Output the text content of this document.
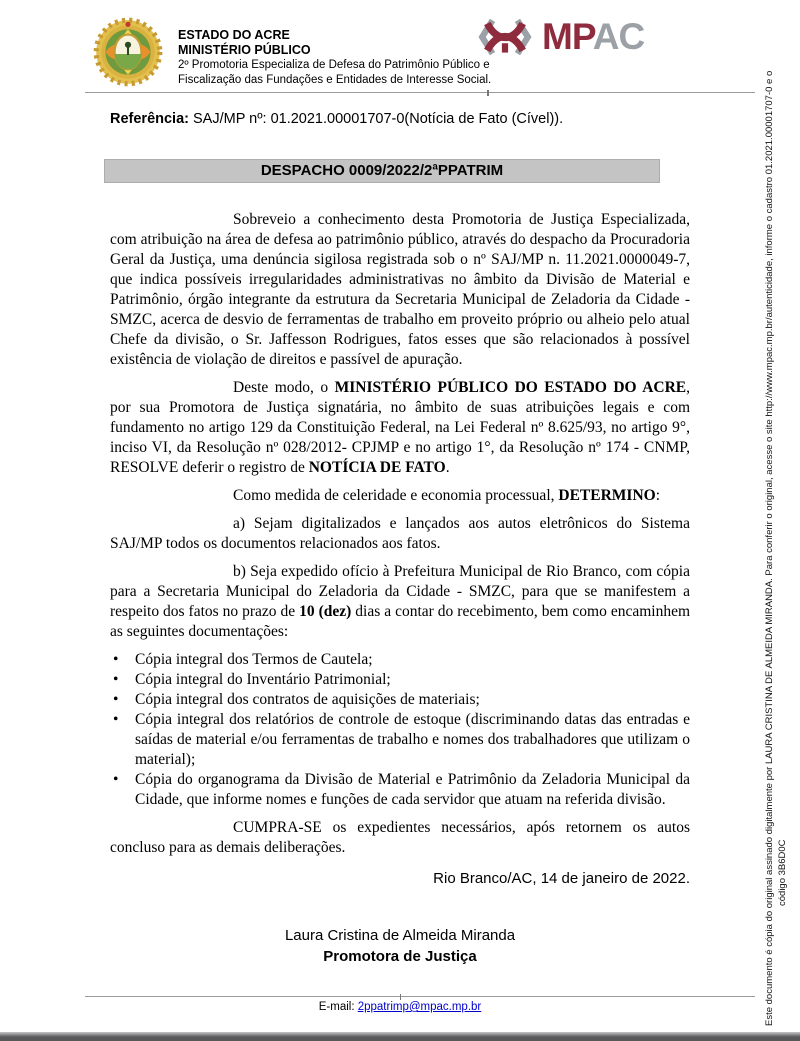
ESTADO DO ACRE
MINISTÉRIO PÚBLICO
2º Promotoria Especializa de Defesa do Patrimônio Público e
Fiscalização das Fundações e Entidades de Interesse Social.
MPAC
Referência: SAJ/MP nº: 01.2021.00001707-0(Notícia de Fato (Cível)).
DESPACHO 0009/2022/2ªPPATRIM

Sobreveio a conhecimento desta Promotoria de Justiça Especializada, com atribuição na área de defesa ao patrimônio público, através do despacho da Procuradoria Geral da Justiça, uma denúncia sigilosa registrada sob o nº SAJ/MP n. 11.2021.0000049-7, que indica possíveis irregularidades administrativas no âmbito da Divisão de Material e Patrimônio, órgão integrante da estrutura da Secretaria Municipal de Zeladoria da Cidade - SMZC, acerca de desvio de ferramentas de trabalho em proveito próprio ou alheio pelo atual Chefe da divisão, o Sr. Jaffesson Rodrigues, fatos esses que são relacionados à possível existência de violação de direitos e passível de apuração.

Deste modo, o MINISTÉRIO PÚBLICO DO ESTADO DO ACRE, por sua Promotora de Justiça signatária, no âmbito de suas atribuições legais e com fundamento no artigo 129 da Constituição Federal, na Lei Federal nº 8.625/93, no artigo 9°, inciso VI, da Resolução nº 028/2012- CPJMP e no artigo 1°, da Resolução nº 174 - CNMP, RESOLVE deferir o registro de NOTÍCIA DE FATO.

Como medida de celeridade e economia processual, DETERMINO:

a) Sejam digitalizados e lançados aos autos eletrônicos do Sistema SAJ/MP todos os documentos relacionados aos fatos.

b) Seja expedido ofício à Prefeitura Municipal de Rio Branco, com cópia para a Secretaria Municipal do Zeladoria da Cidade - SMZC, para que se manifestem a respeito dos fatos no prazo de 10 (dez) dias a contar do recebimento, bem como encaminhem as seguintes documentações:

• Cópia integral dos Termos de Cautela;
• Cópia integral do Inventário Patrimonial;
• Cópia integral dos contratos de aquisições de materiais;
• Cópia integral dos relatórios de controle de estoque (discriminando datas das entradas e saídas de material e/ou ferramentas de trabalho e nomes dos trabalhadores que utilizam o material);
• Cópia do organograma da Divisão de Material e Patrimônio da Zeladoria Municipal da Cidade, que informe nomes e funções de cada servidor que atuam na referida divisão.

CUMPRA-SE os expedientes necessários, após retornem os autos concluso para as demais deliberações.

Rio Branco/AC, 14 de janeiro de 2022.
Laura Cristina de Almeida Miranda
Promotora de Justiça
E-mail: 2ppatrimp@mpac.mp.br	Este documento é cópia do original assinado digitalmente por LAURA CRISTINA DE ALMEIDA MIRANDA. Para conferir o original, acesse o site http://www.mpac.mp.br/autenticidade, informe o cadastro 01.2021.00001707-0 e o código 3B6D0C
